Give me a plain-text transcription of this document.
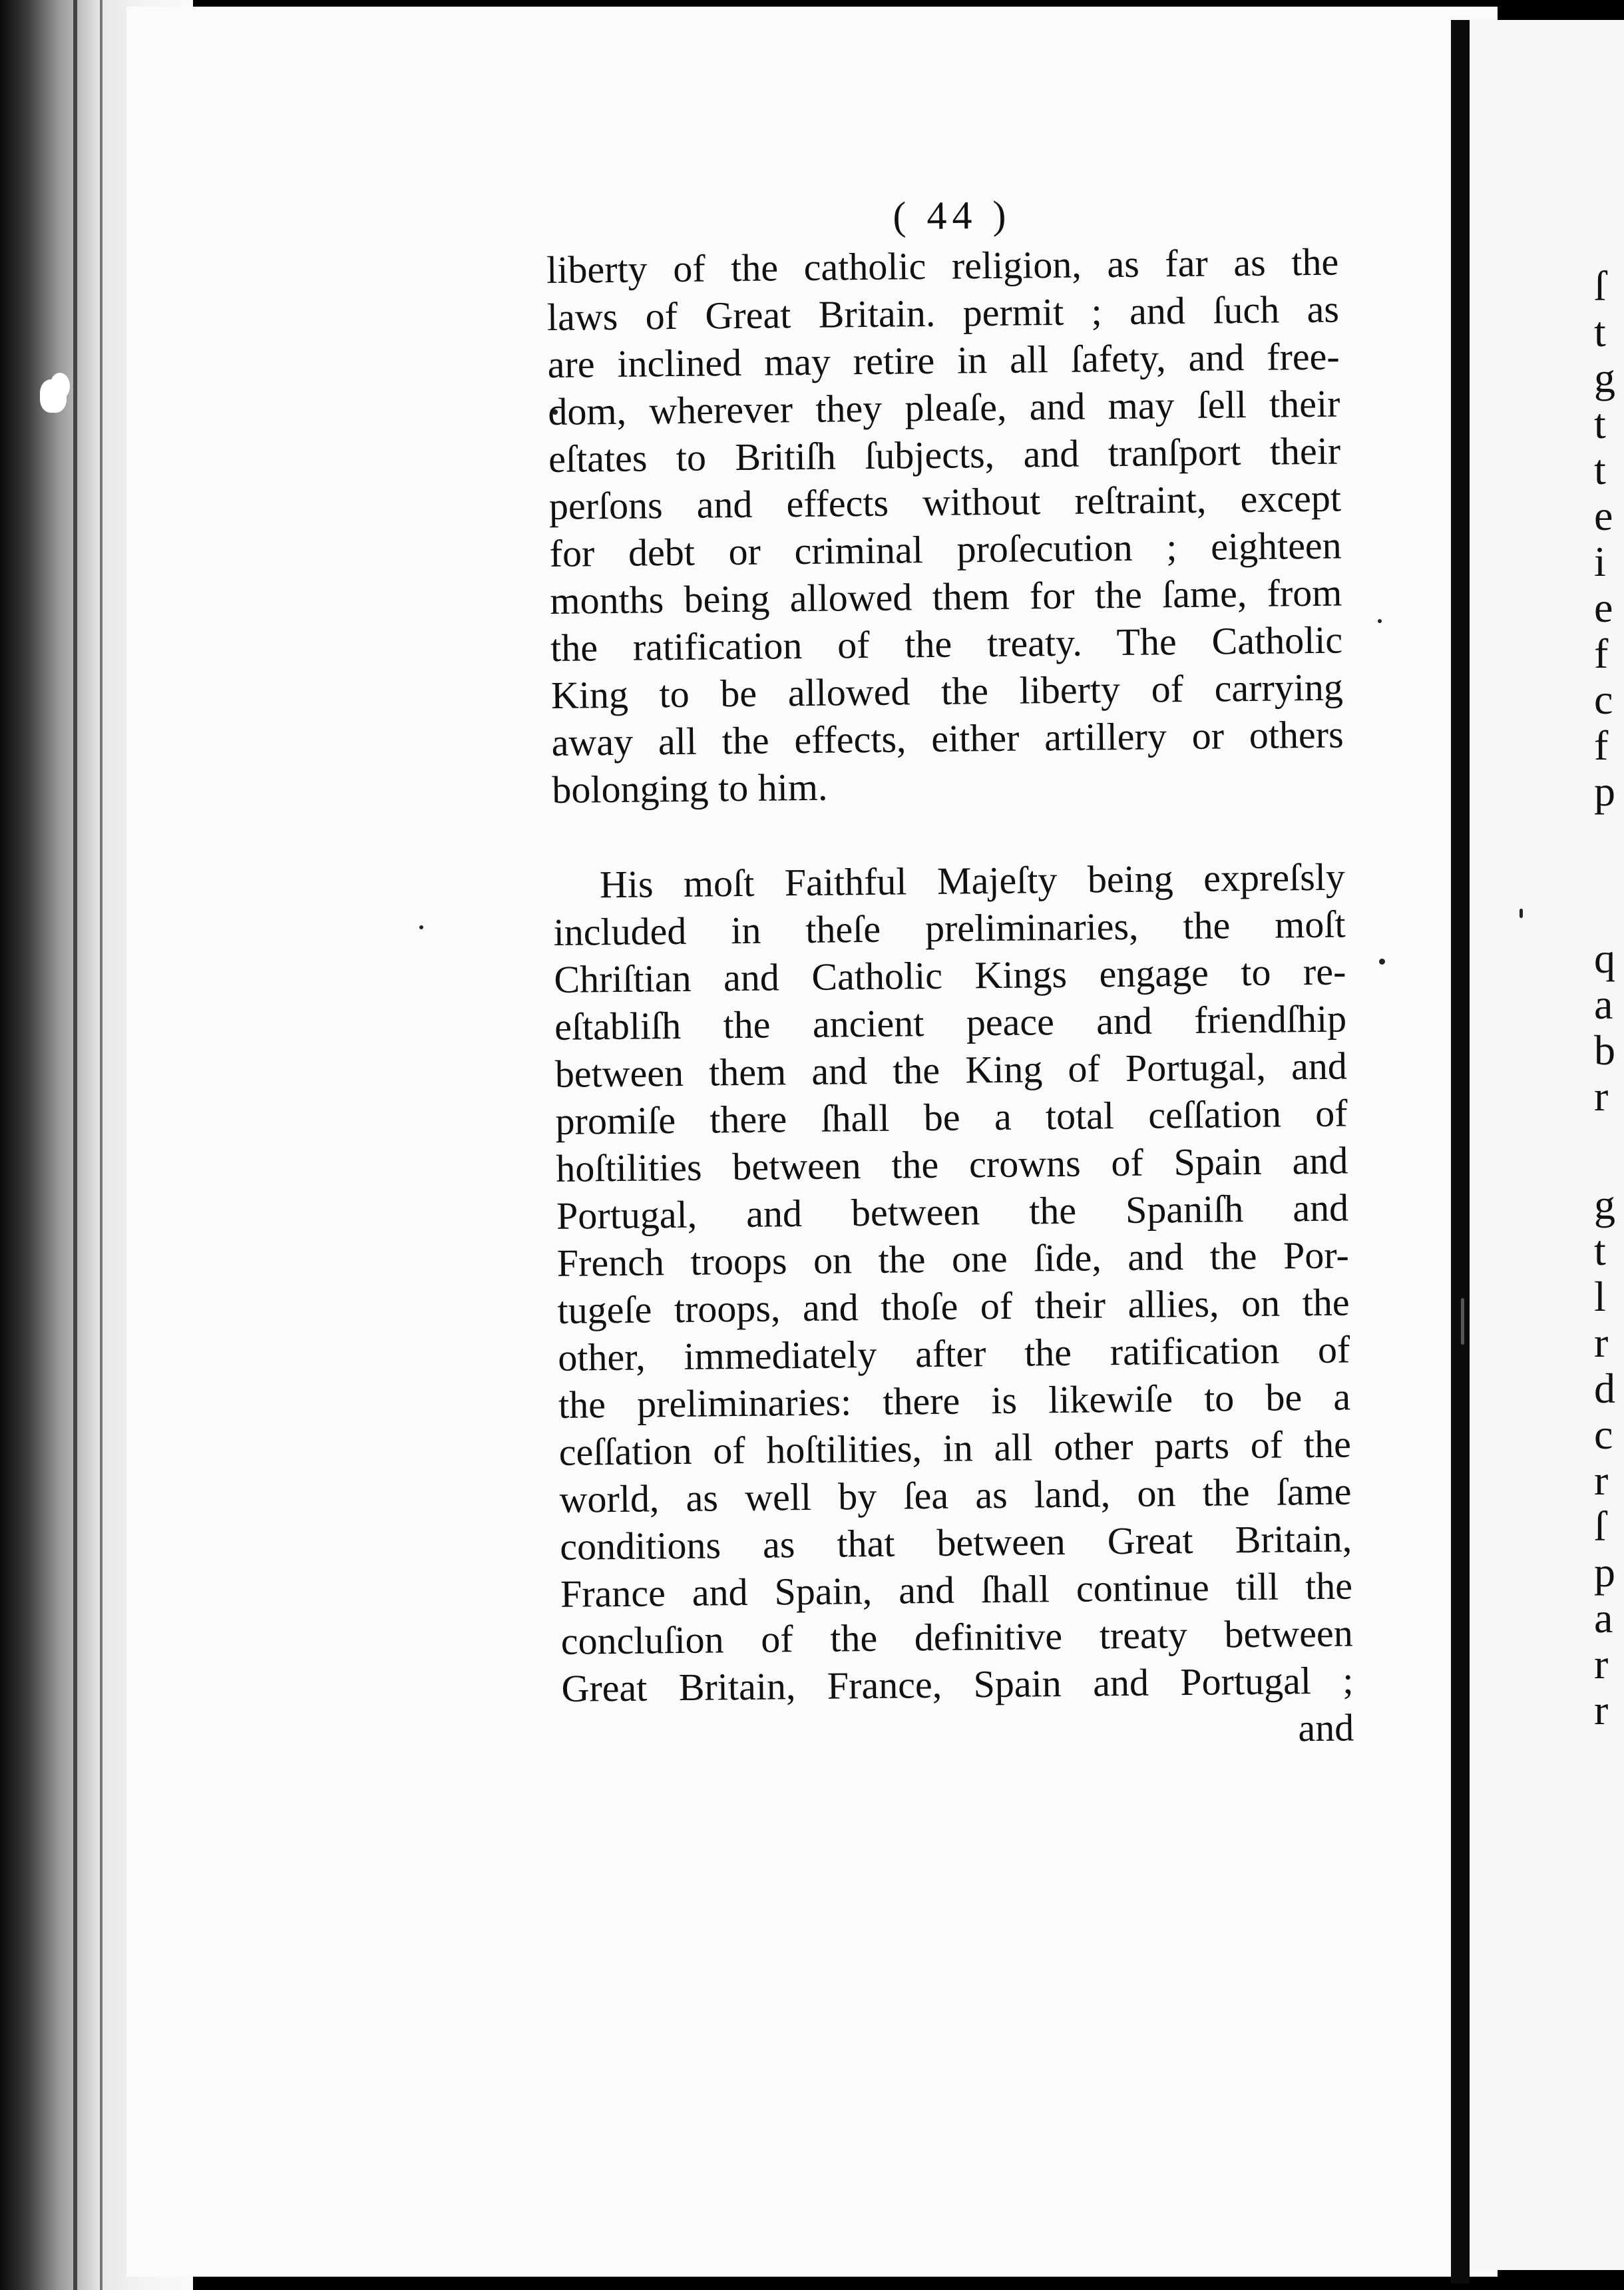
ſ
t
g
t
t
e
i
e
f
c
f
p
q
a
b
r
g
t
l
r
d
c
r
ſ
p
a
r
r
( 44 )
liberty of the catholic religion, as far as the
laws of Great Britain. permit ; and ſuch as
are inclined may retire in all ſafety, and free-
dom, wherever they pleaſe, and may ſell their
eſtates to Britiſh ſubjects, and tranſport their
perſons and effects without reſtraint, except
for debt or criminal proſecution ; eighteen
months being allowed them for the ſame, from
the ratification of the treaty. The Catholic
King to be allowed the liberty of carrying
away all the effects, either artillery or others
bolonging to him.
His moſt Faithful Majeſty being expreſsly
included in theſe preliminaries, the moſt
Chriſtian and Catholic Kings engage to re-
eſtabliſh the ancient peace and friendſhip
between them and the King of Portugal, and
promiſe there ſhall be a total ceſſation of
hoſtilities between the crowns of Spain and
Portugal, and between the Spaniſh and
French troops on the one ſide, and the Por-
tugeſe troops, and thoſe of their allies, on the
other, immediately after the ratification of
the preliminaries: there is likewiſe to be a
ceſſation of hoſtilities, in all other parts of the
world, as well by ſea as land, on the ſame
conditions as that between Great Britain,
France and Spain, and ſhall continue till the
concluſion of the definitive treaty between
Great Britain, France, Spain and Portugal ;
and
